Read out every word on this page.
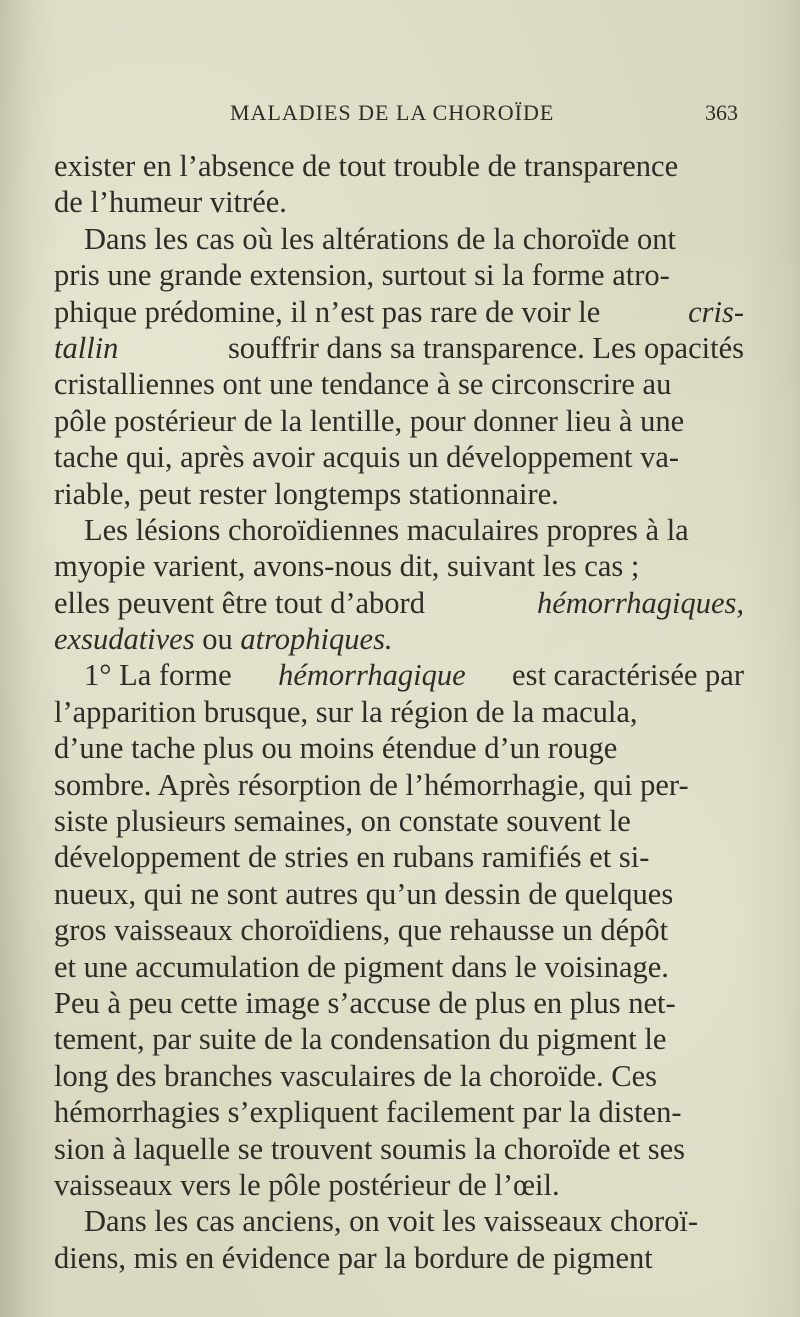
MALADIES DE LA CHOROÏDE	363
exister en l’absence de tout trouble de transparence
de l’humeur vitrée.
Dans les cas où les altérations de la choroïde ont
pris une grande extension, surtout si la forme atro-
phique prédomine, il n’est pas rare de voir le
	cris-
tallin
	souffrir dans sa transparence. Les opacités
cristalliennes ont une tendance à se circonscrire au
pôle postérieur de la lentille, pour donner lieu à une
tache qui, après avoir acquis un développement va-
riable, peut rester longtemps stationnaire.
Les lésions choroïdiennes maculaires propres à la
myopie varient, avons-nous dit, suivant les cas ;
elles peuvent être tout d’abord
	hémorrhagiques,
exsudatives
ou
atrophiques.
1° La forme
hémorrhagique
est caractérisée par
l’apparition brusque, sur la région de la macula,
d’une tache plus ou moins étendue d’un rouge
sombre. Après résorption de l’hémorrhagie, qui per-
siste plusieurs semaines, on constate souvent le
développement de stries en rubans ramifiés et si-
nueux, qui ne sont autres qu’un dessin de quelques
gros vaisseaux choroïdiens, que rehausse un dépôt
et une accumulation de pigment dans le voisinage.
Peu à peu cette image s’accuse de plus en plus net-
tement, par suite de la condensation du pigment le
long des branches vasculaires de la choroïde. Ces
hémorrhagies s’expliquent facilement par la disten-
sion à laquelle se trouvent soumis la choroïde et ses
vaisseaux vers le pôle postérieur de l’œil.
Dans les cas anciens, on voit les vaisseaux choroï-
diens, mis en évidence par la bordure de pigment
